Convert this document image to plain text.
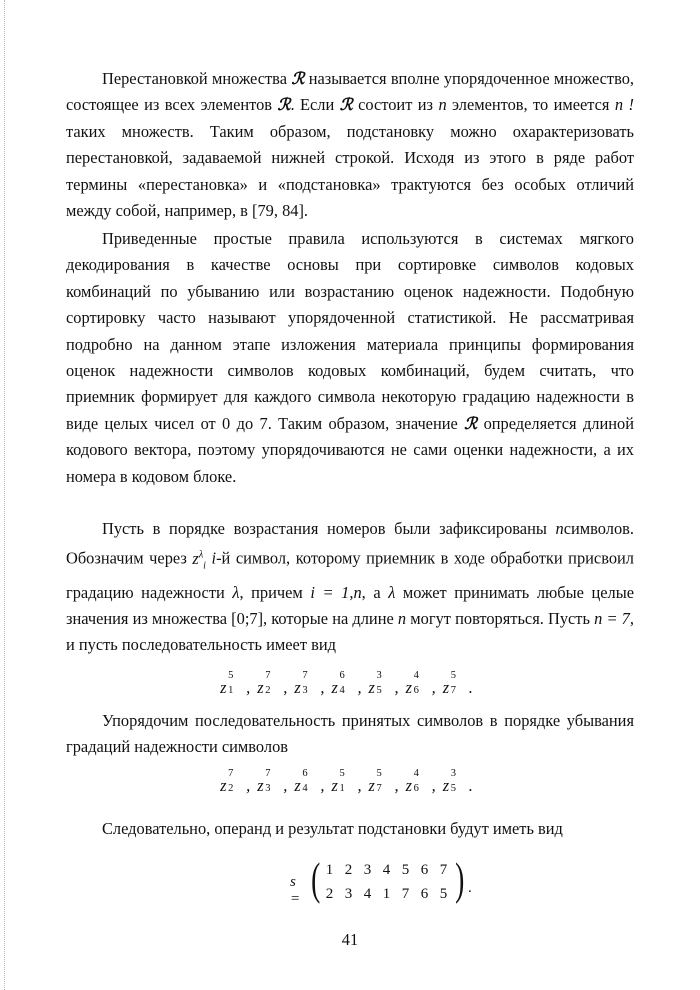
Перестановкой множества ℛ называется вполне упорядоченное множество, состоящее из всех элементов ℛ. Если ℛ состоит из n элементов, то имеется n ! таких множеств. Таким образом, подстановку можно охарактеризовать перестановкой, задаваемой нижней строкой. Исходя из этого в ряде работ термины «перестановка» и «подстановка» трактуются без особых отличий между собой, например, в [79, 84].

Приведенные простые правила используются в системах мягкого декодирования в качестве основы при сортировке символов кодовых комбинаций по убыванию или возрастанию оценок надежности. Подобную сортировку часто называют упорядоченной статистикой. Не рассматривая подробно на данном этапе изложения материала принципы формирования оценок надежности символов кодовых комбинаций, будем считать, что приемник формирует для каждого символа некоторую градацию надежности в виде целых чисел от 0 до 7. Таким образом, значение ℛ определяется длиной кодового вектора, поэтому упорядочиваются не сами оценки надежности, а их номера в кодовом блоке.

Пусть в порядке возрастания номеров были зафиксированы nсимволов. Обозначим через $z^\lambda_i$ i-й символ, которому приемник в ходе обработки присвоил градацию надежности λ, причем i = 1,n, а λ может принимать любые целые значения из множества [0;7], которые на длине n могут повторяться. Пусть n = 7, и пусть последовательность имеет вид

z
5
1 , z
7
2 , z
7
3 , z
6
4 , z
3
5 , z
4
6 , z
5
7 .

Упорядочим последовательность принятых символов в порядке убывания градаций надежности символов

z
7
2 , z
7
3 , z
6
4 , z
5
1 , z
5
7 , z
4
6 , z
3
5 .

Следовательно, операнд и результат подстановки будут иметь вид

s = ( 1 2 3 4 5 6 7
2 3 4 1 7 6 5 ) .
41
